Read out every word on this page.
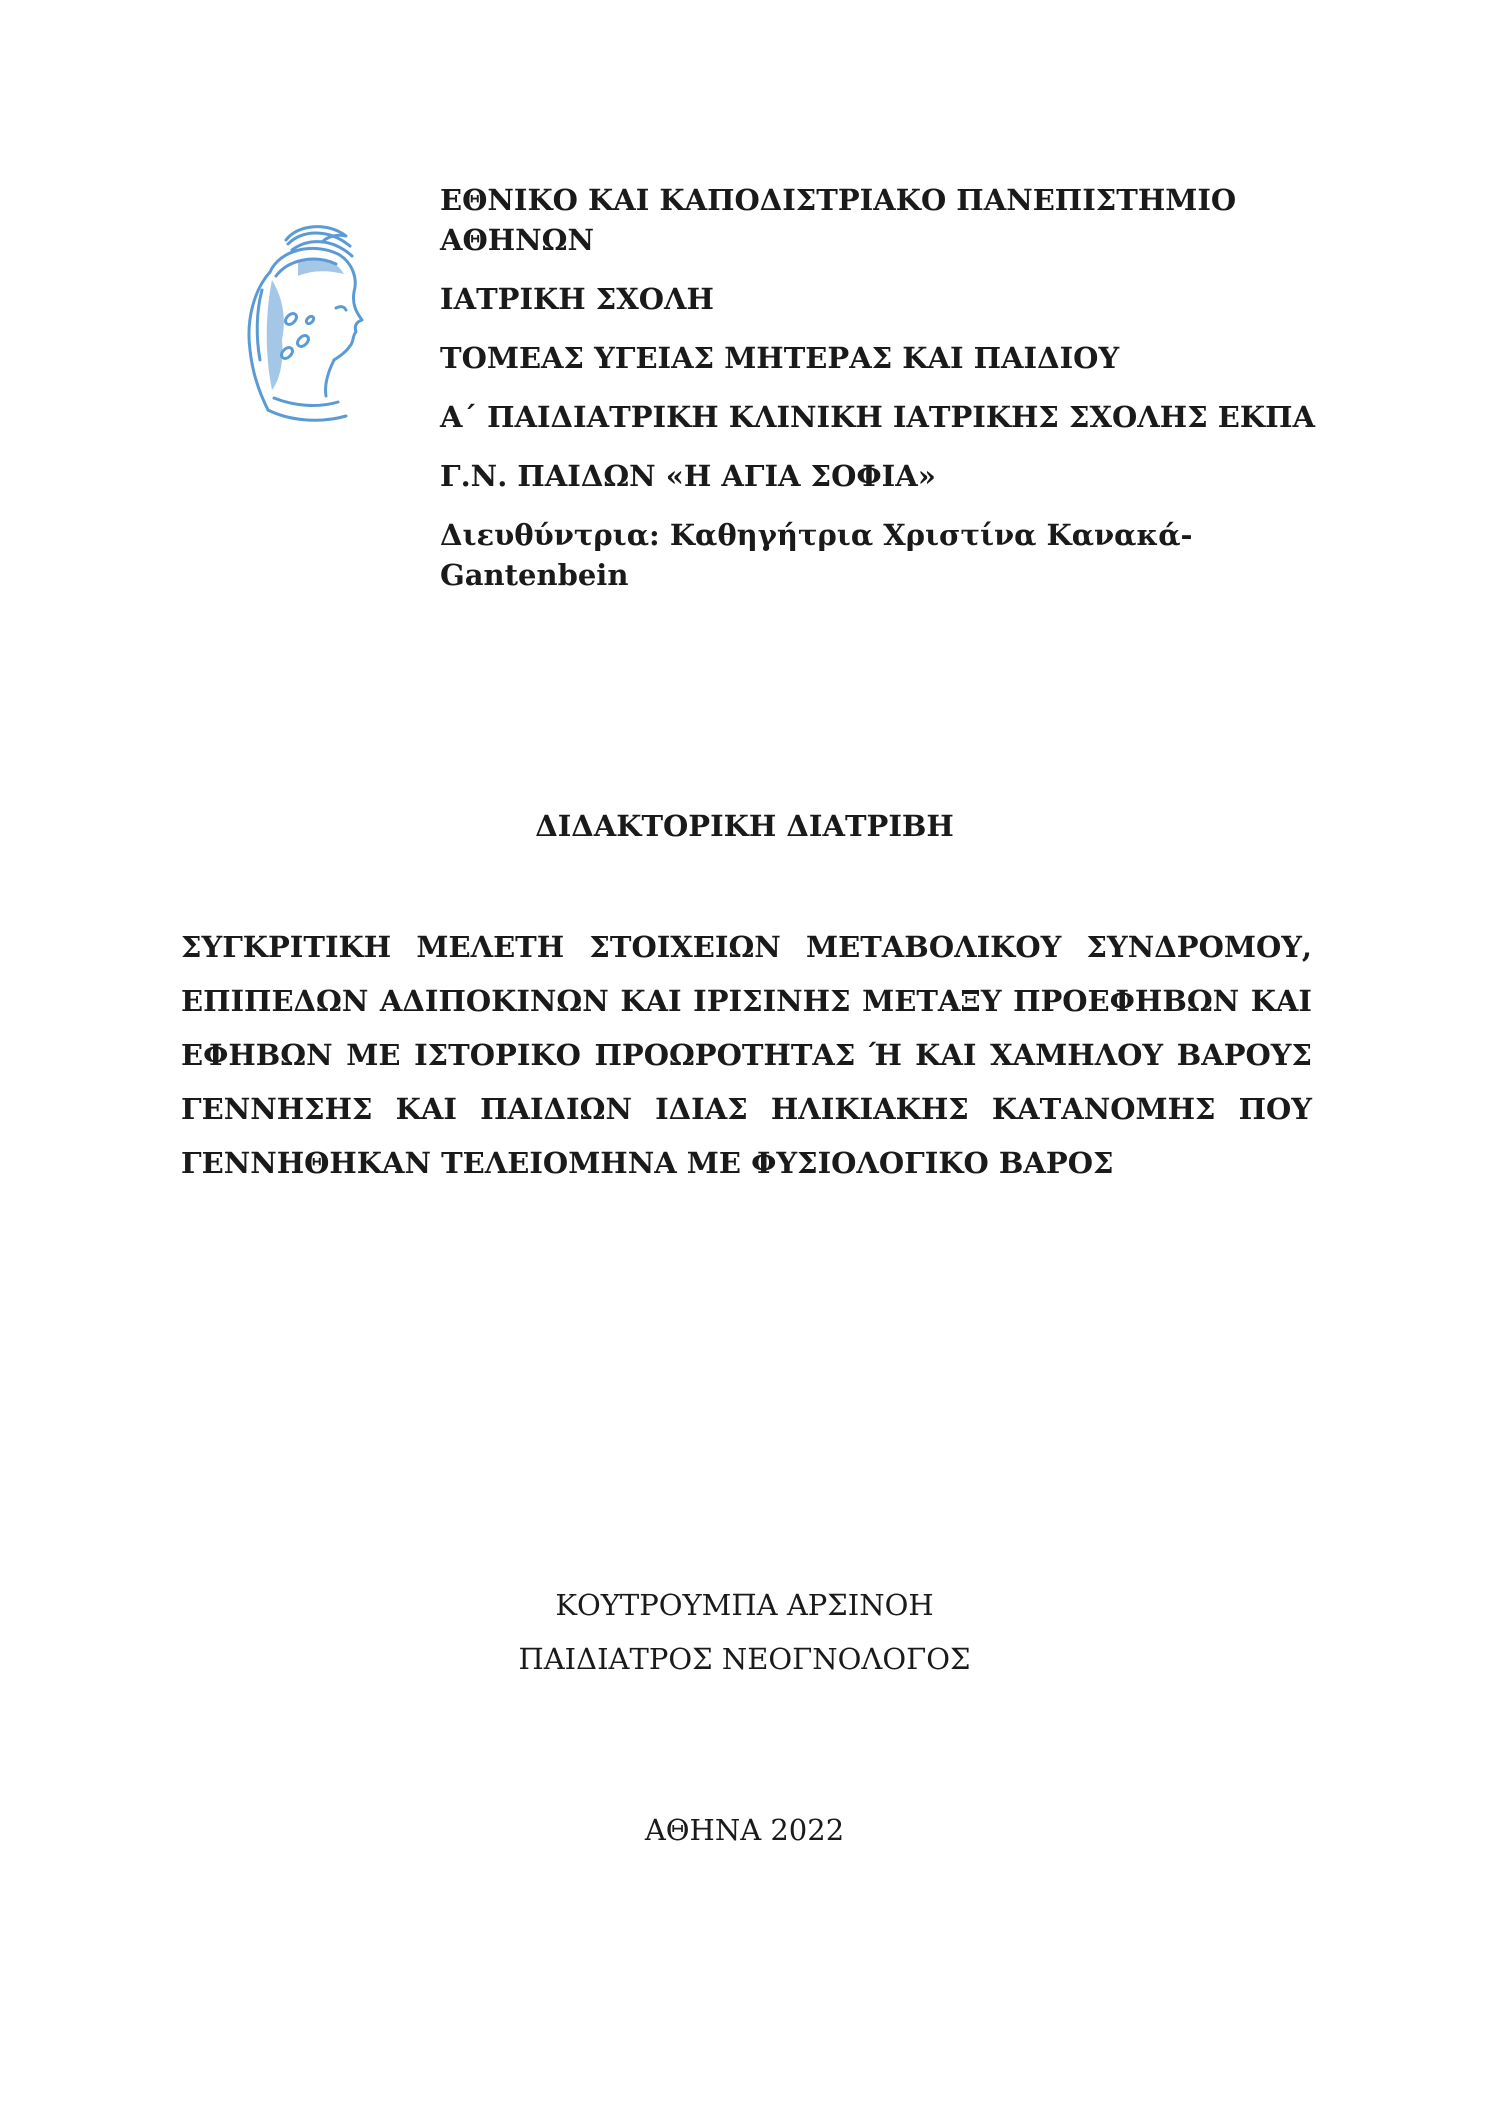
ΕΘΝΙΚΟ ΚΑΙ ΚΑΠΟΔΙΣΤΡΙΑΚΟ ΠΑΝΕΠΙΣΤΗΜΙΟ ΑΘΗΝΩΝ
ΙΑΤΡΙΚΗ ΣΧΟΛΗ
ΤΟΜΕΑΣ ΥΓΕΙΑΣ ΜΗΤΕΡΑΣ ΚΑΙ ΠΑΙΔΙΟΥ
Α΄ ΠΑΙΔΙΑΤΡΙΚΗ ΚΛΙΝΙΚΗ ΙΑΤΡΙΚΗΣ ΣΧΟΛΗΣ ΕΚΠΑ
Γ.Ν. ΠΑΙΔΩΝ «Η ΑΓΙΑ ΣΟΦΙΑ»
Διευθύντρια: Καθηγήτρια Χριστίνα Κανακά-Gantenbein
ΔΙΔΑΚΤΟΡΙΚΗ ΔΙΑΤΡΙΒΗ
ΣΥΓΚΡΙΤΙΚΗ ΜΕΛΕΤΗ ΣΤΟΙΧΕΙΩΝ ΜΕΤΑΒΟΛΙΚΟΥ ΣΥΝΔΡΟΜΟΥ, ΕΠΙΠΕΔΩΝ ΑΔΙΠΟΚΙΝΩΝ ΚΑΙ ΙΡΙΣΙΝΗΣ ΜΕΤΑΞΥ ΠΡΟΕΦΗΒΩΝ ΚΑΙ ΕΦΗΒΩΝ ΜΕ ΙΣΤΟΡΙΚΟ ΠΡΟΩΡΟΤΗΤΑΣ Ή ΚΑΙ ΧΑΜΗΛΟΥ ΒΑΡΟΥΣ ΓΕΝΝΗΣΗΣ ΚΑΙ ΠΑΙΔΙΩΝ ΙΔΙΑΣ ΗΛΙΚΙΑΚΗΣ ΚΑΤΑΝΟΜΗΣ ΠΟΥ ΓΕΝΝΗΘΗΚΑΝ ΤΕΛΕΙΟΜΗΝΑ ΜΕ ΦΥΣΙΟΛΟΓΙΚΟ ΒΑΡΟΣ
ΚΟΥΤΡΟΥΜΠΑ ΑΡΣΙΝΟΗ
ΠΑΙΔΙΑΤΡΟΣ ΝΕΟΓΝΟΛΟΓΟΣ
ΑΘΗΝΑ 2022
